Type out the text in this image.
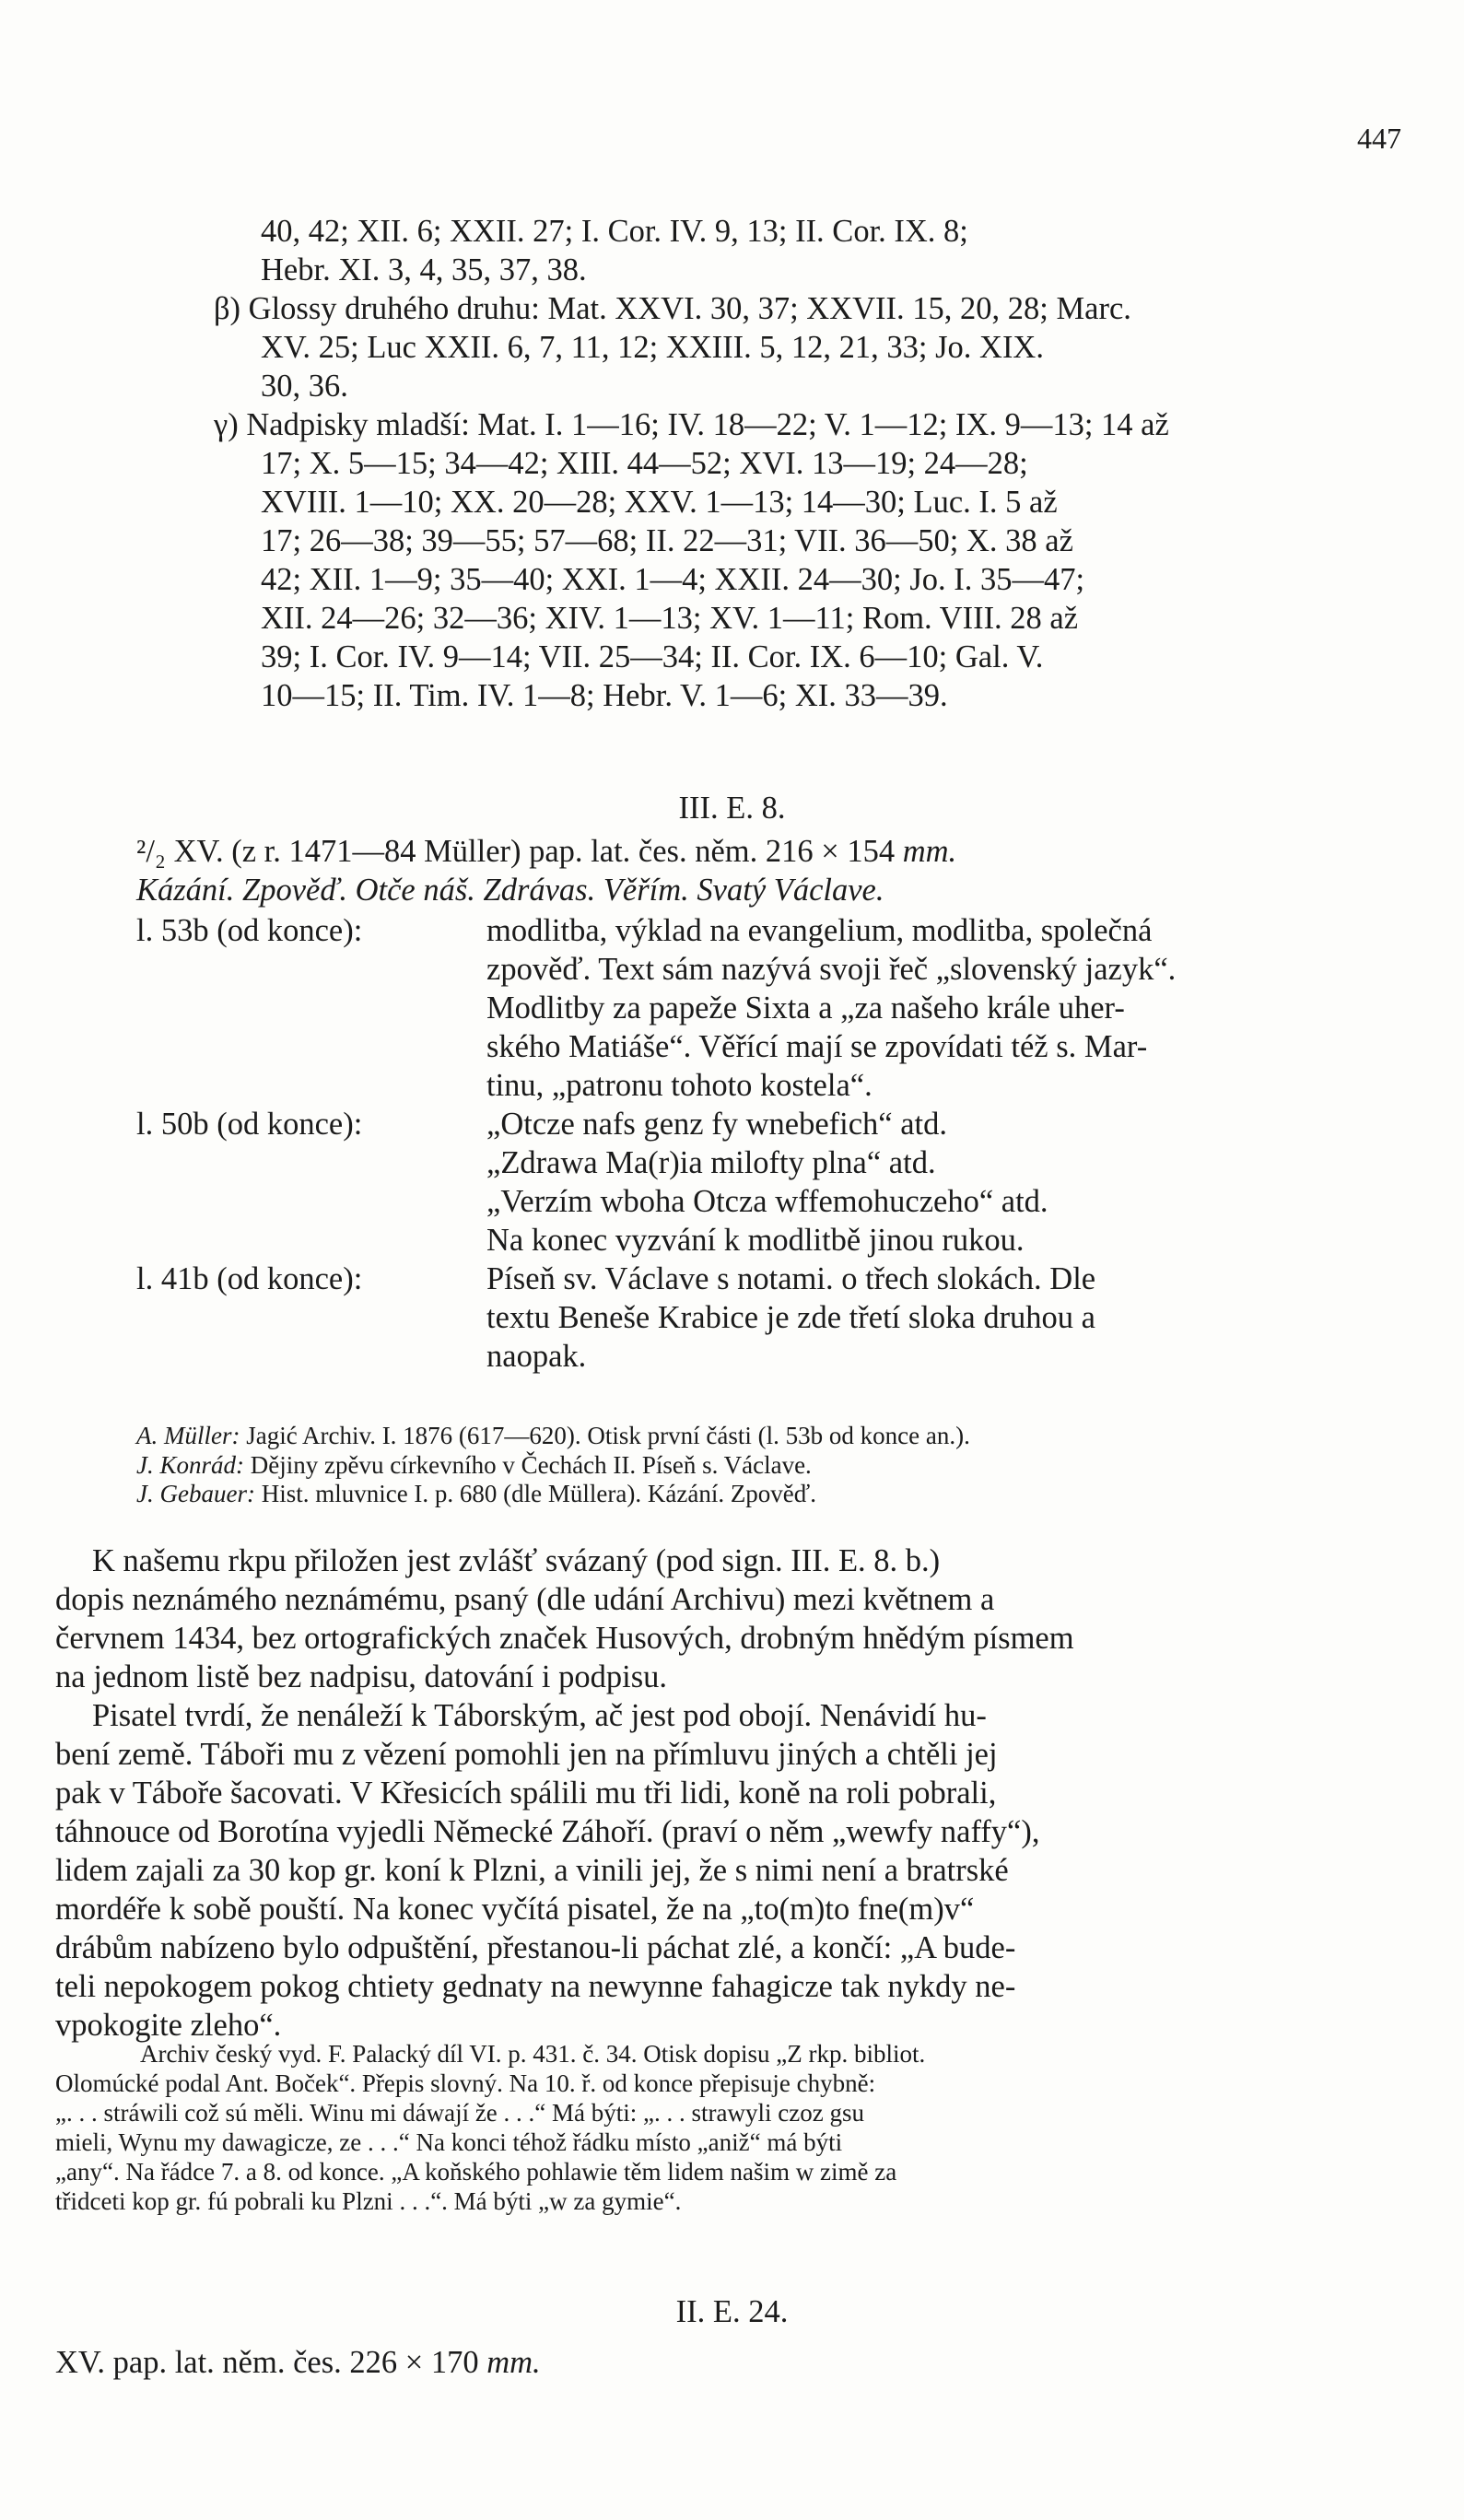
447
40, 42; XII. 6; XXII. 27; I. Cor. IV. 9, 13; II. Cor. IX. 8;
Hebr. XI. 3, 4, 35, 37, 38.
β) Glossy druhého druhu: Mat. XXVI. 30, 37; XXVII. 15, 20, 28; Marc.
XV. 25; Luc XXII. 6, 7, 11, 12; XXIII. 5, 12, 21, 33; Jo. XIX.
30, 36.
γ) Nadpisky mladší: Mat. I. 1—16; IV. 18—22; V. 1—12; IX. 9—13; 14 až
17; X. 5—15; 34—42; XIII. 44—52; XVI. 13—19; 24—28;
XVIII. 1—10; XX. 20—28; XXV. 1—13; 14—30; Luc. I. 5 až
17; 26—38; 39—55; 57—68; II. 22—31; VII. 36—50; X. 38 až
42; XII. 1—9; 35—40; XXI. 1—4; XXII. 24—30; Jo. I. 35—47;
XII. 24—26; 32—36; XIV. 1—13; XV. 1—11; Rom. VIII. 28 až
39; I. Cor. IV. 9—14; VII. 25—34; II. Cor. IX. 6—10; Gal. V.
10—15; II. Tim. IV. 1—8; Hebr. V. 1—6; XI. 33—39.
III. E. 8.
²/₂ XV. (z r. 1471—84 Müller) pap. lat. čes. něm. 216 × 154 mm.
Kázání. Zpověď. Otče náš. Zdrávas. Věřím. Svatý Václave.
l. 53b (od konce):	modlitba, výklad na evangelium, modlitba, společná
zpověď. Text sám nazývá svoji řeč „slovenský jazyk“.
Modlitby za papeže Sixta a „za našeho krále uher-
ského Matiáše“. Věřící mají se zpovídati též s. Mar-
tinu, „patronu tohoto kostela“.
l. 50b (od konce):	„Otcze nafs genz fy wnebefich“ atd.
„Zdrawa Ma(r)ia milofty plna“ atd.
„Verzím wboha Otcza wffemohuczeho“ atd.
Na konec vyzvání k modlitbě jinou rukou.
l. 41b (od konce):	Píseň sv. Václave s notami. o třech slokách. Dle
textu Beneše Krabice je zde třetí sloka druhou a
naopak.
A. Müller: Jagić Archiv. I. 1876 (617—620). Otisk první části (l. 53b od konce an.).
J. Konrád: Dějiny zpěvu církevního v Čechách II. Píseň s. Václave.
J. Gebauer: Hist. mluvnice I. p. 680 (dle Müllera). Kázání. Zpověď.
K našemu rkpu přiložen jest zvlášť svázaný (pod sign. III. E. 8. b.)
dopis neznámého neznámému, psaný (dle udání Archivu) mezi květnem a
červnem 1434, bez ortografických značek Husových, drobným hnědým písmem
na jednom listě bez nadpisu, datování i podpisu.
Pisatel tvrdí, že nenáleží k Táborským, ač jest pod obojí. Nenávidí hu-
bení země. Táboři mu z vězení pomohli jen na přímluvu jiných a chtěli jej
pak v Táboře šacovati. V Křesicích spálili mu tři lidi, koně na roli pobrali,
táhnouce od Borotína vyjedli Německé Záhoří. (praví o něm „wewfy naffy“),
lidem zajali za 30 kop gr. koní k Plzni, a vinili jej, že s nimi není a bratrské
mordéře k sobě pouští. Na konec vyčítá pisatel, že na „to(m)to fne(m)v“
drábům nabízeno bylo odpuštění, přestanou-li páchat zlé, a končí: „A bude-
teli nepokogem pokog chtiety gednaty na newynne fahagicze tak nykdy ne-
vpokogite zleho“.
Archiv český vyd. F. Palacký díl VI. p. 431. č. 34. Otisk dopisu „Z rkp. bibliot.
Olomúcké podal Ant. Boček“. Přepis slovný. Na 10. ř. od konce přepisuje chybně:
„. . . stráwili což sú měli. Winu mi dáwají že . . .“ Má býti: „. . . strawyli czoz gsu
mieli, Wynu my dawagicze, ze . . .“ Na konci téhož řádku místo „aniž“ má býti
„any“. Na řádce 7. a 8. od konce. „A koňského pohlawie těm lidem našim w zimě za
třidceti kop gr. fú pobrali ku Plzni . . .“. Má býti „w za gymie“.
II. E. 24.
XV. pap. lat. něm. čes. 226 × 170 mm.
